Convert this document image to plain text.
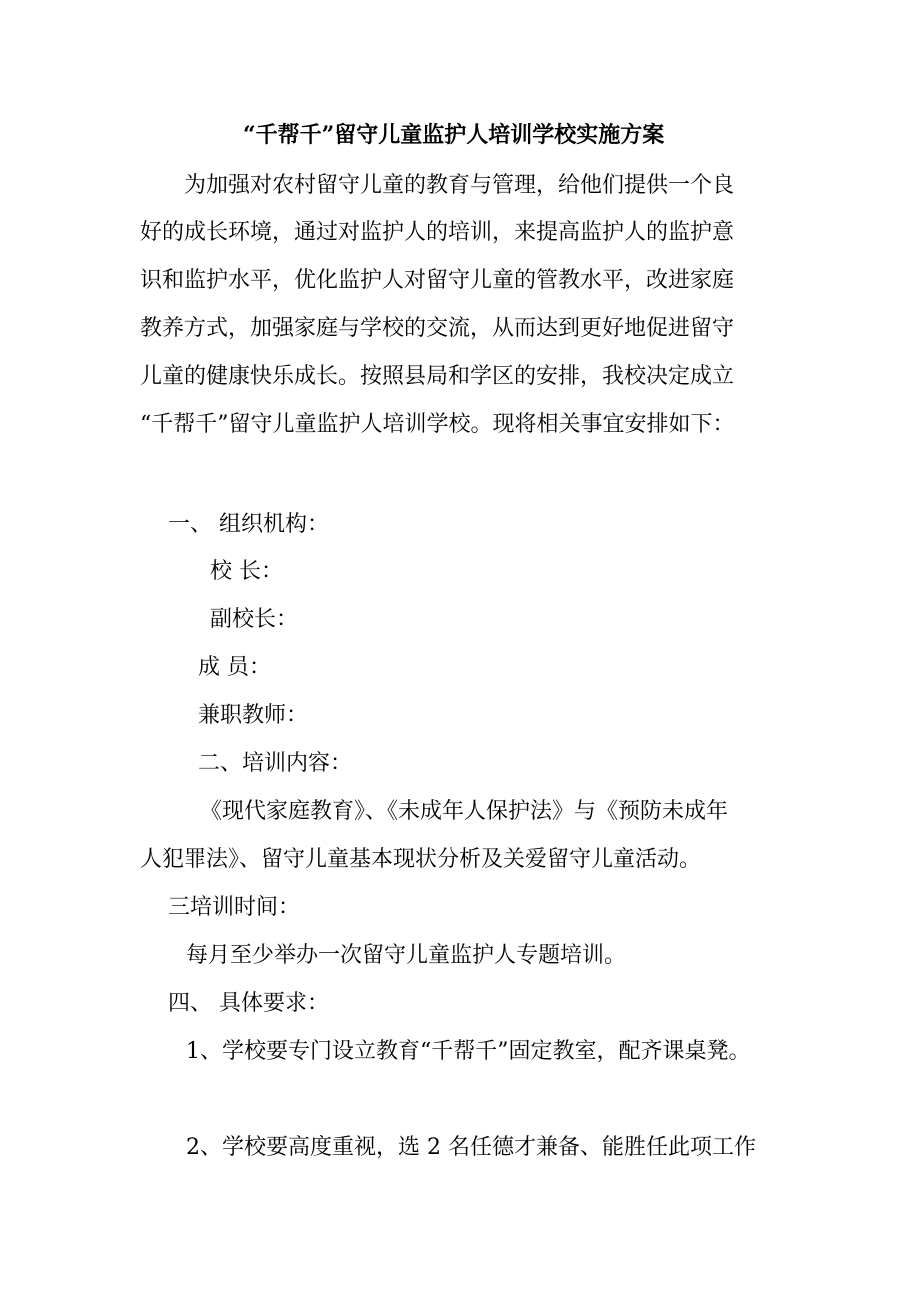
“千帮千”留守儿童监护人培训学校实施方案
为加强对农村留守儿童的教育与管理，给他们提供一个良
好的成长环境，通过对监护人的培训，来提高监护人的监护意
识和监护水平，优化监护人对留守儿童的管教水平，改进家庭
教养方式，加强家庭与学校的交流，从而达到更好地促进留守
儿童的健康快乐成长。按照县局和学区的安排，我校决定成立
“千帮千”留守儿童监护人培训学校。现将相关事宜安排如下：
一、 组织机构：
校 长：
副校长：
成 员：
兼职教师：
二、培训内容：
《现代家庭教育》、《未成年人保护法》与《预防未成年
人犯罪法》、留守儿童基本现状分析及关爱留守儿童活动。
三培训时间：
每月至少举办一次留守儿童监护人专题培训。
四、 具体要求：
1、学校要专门设立教育“千帮千”固定教室，配齐课桌凳。
2、学校要高度重视，选 2 名任德才兼备、能胜任此项工作
